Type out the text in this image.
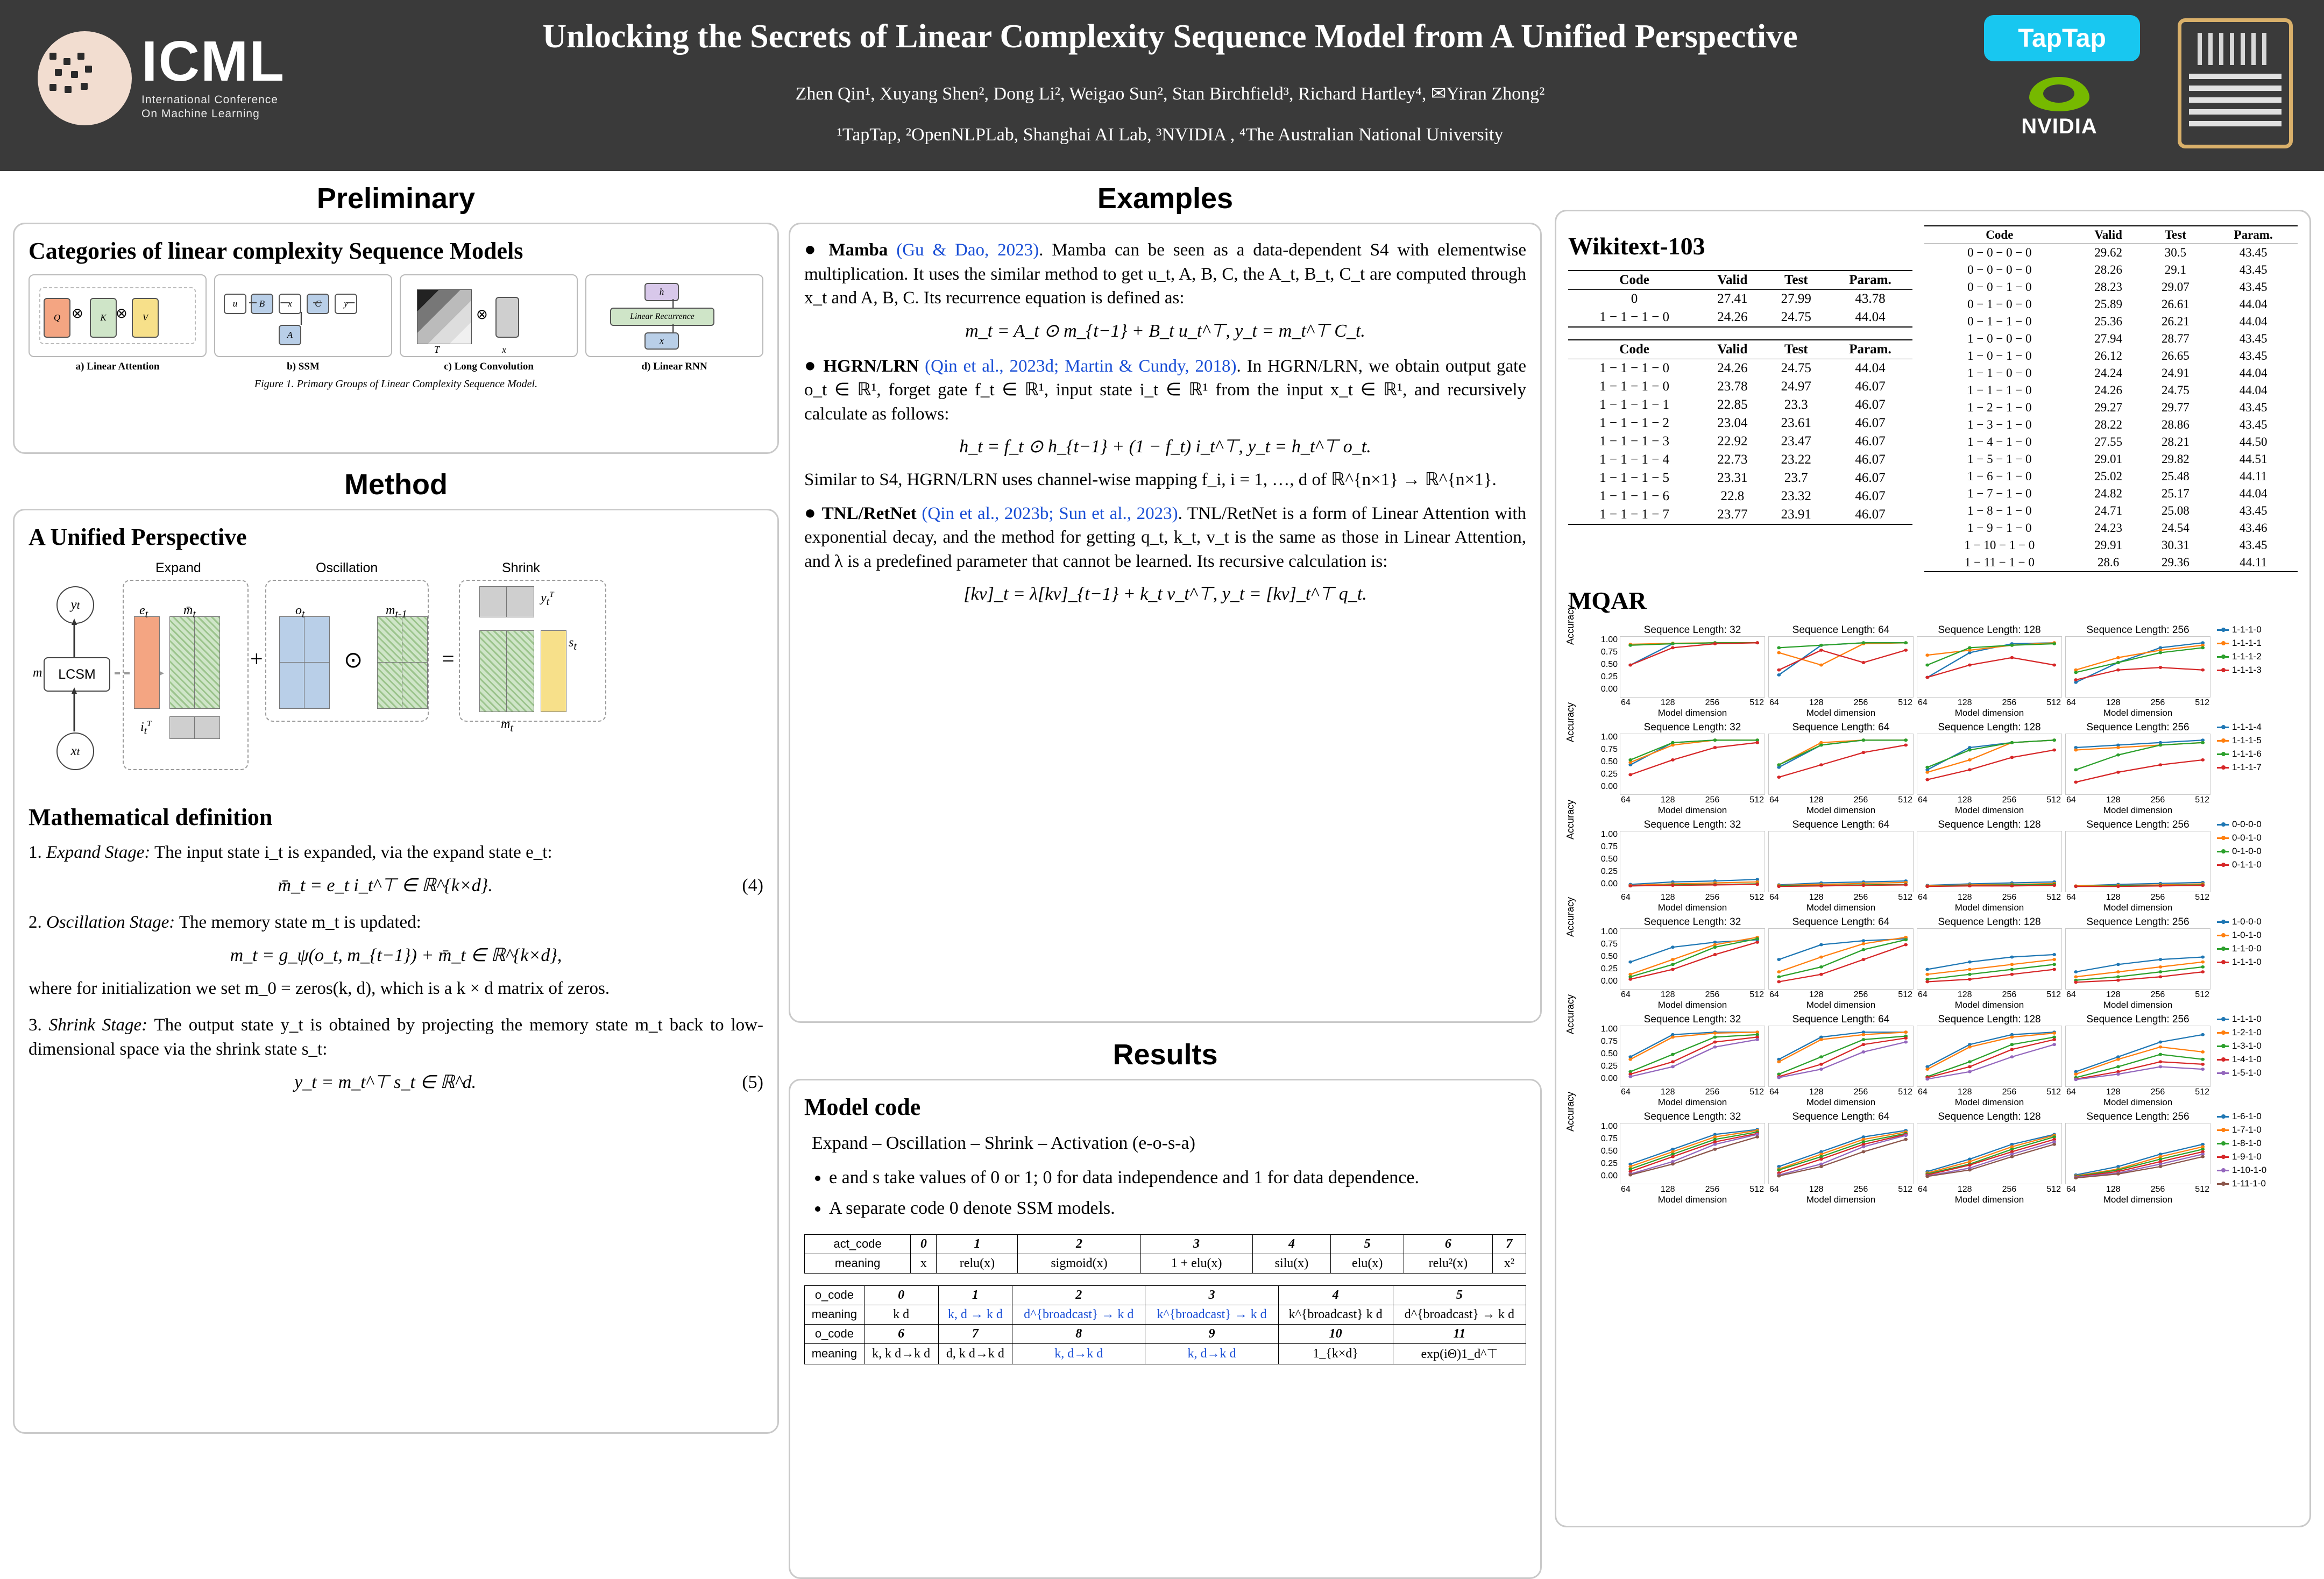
ICML
International Conference
On Machine Learning
Unlocking the Secrets of Linear Complexity Sequence Model from A Unified Perspective
Zhen Qin¹, Xuyang Shen², Dong Li², Weigao Sun², Stan Birchfield³, Richard Hartley⁴, ✉Yiran Zhong²
¹TapTap, ²OpenNLPLab, Shanghai AI Lab, ³NVIDIA , ⁴The Australian National University
TapTap
NVIDIA
Preliminary
Categories of linear complexity Sequence Models
Q	K	V
⊗ ⊗
a) Linear Attention
u	B	x	C	y
A
b) SSM
⊗
T	x
c) Long Convolution
h
Linear Recurrence
x
d) Linear RNN
Figure 1. Primary Groups of Linear Complexity Sequence Model.
Method
A Unified Perspective
Expand	Oscillation	Shrink
y t
LCSM
x t
m
$e_t$
$i_t^T$
$m̄_t$
+
$o_t$
⊙
$m_{t-1}$
=
$y_t^T$
$s_t$
$m_t$
Mathematical definition
1. Expand Stage: The input state i_t is expanded, via the expand state e_t:
m̄_t = e_t i_t^⊤ ∈ ℝ^{k×d}.	(4)
2. Oscillation Stage: The memory state m_t is updated:
m_t = g_ψ(o_t, m_{t−1}) + m̄_t ∈ ℝ^{k×d},
where for initialization we set m_0 = zeros(k, d), which is a k × d matrix of zeros.
3. Shrink Stage: The output state y_t is obtained by projecting the memory state m_t back to low-dimensional space via the shrink state s_t:
y_t = m_t^⊤ s_t ∈ ℝ^d.	(5)
Examples
● Mamba (Gu & Dao, 2023). Mamba can be seen as a data-dependent S4 with elementwise multiplication. It uses the similar method to get u_t, A, B, C, the A_t, B_t, C_t are computed through x_t and A, B, C. Its recurrence equation is defined as:
m_t = A_t ⊙ m_{t−1} + B_t u_t^⊤, y_t = m_t^⊤ C_t.
● HGRN/LRN (Qin et al., 2023d; Martin & Cundy, 2018). In HGRN/LRN, we obtain output gate o_t ∈ ℝ¹, forget gate f_t ∈ ℝ¹, input state i_t ∈ ℝ¹ from the input x_t ∈ ℝ¹, and recursively calculate as follows:
h_t = f_t ⊙ h_{t−1} + (1 − f_t) i_t^⊤, y_t = h_t^⊤ o_t.
Similar to S4, HGRN/LRN uses channel-wise mapping f_i, i = 1, …, d of ℝ^{n×1} → ℝ^{n×1}.
● TNL/RetNet (Qin et al., 2023b; Sun et al., 2023). TNL/RetNet is a form of Linear Attention with exponential decay, and the method for getting q_t, k_t, v_t is the same as those in Linear Attention, and λ is a predefined parameter that cannot be learned. Its recursive calculation is:
[kv]_t = λ[kv]_{t−1} + k_t v_t^⊤, y_t = [kv]_t^⊤ q_t.
Results
Model code
Expand – Oscillation – Shrink – Activation (e-o-s-a)
• e and s take values of 0 or 1; 0 for data independence and 1 for data dependence.
• A separate code 0 denote SSM models.
act_code	0	1	2	3	4	5	6	7
meaning	x	relu(x)	sigmoid(x)	1 + elu(x)	silu(x)	elu(x)	relu²(x)	x²
o_code	0	1	2	3	4	5
meaning	k d	k, d → k d	d^{broadcast} → k d	k^{broadcast} → k d	k^{broadcast} k d	d^{broadcast} → k d
o_code	6	7	8	9	10	11
meaning	k, k d→k d	d, k d→k d	k, d→k d	k, d→k d	1_{k×d}	exp(iΘ)1_d^⊤
Wikitext-103
Code	Valid	Test	Param.
0	27.41	27.99	43.78
1 − 1 − 1 − 0	24.26	24.75	44.04
Code	Valid	Test	Param.
1 − 1 − 1 − 0	24.26	24.75	44.04
1 − 1 − 1 − 0	23.78	24.97	46.07
1 − 1 − 1 − 1	22.85	23.3	46.07
1 − 1 − 1 − 2	23.04	23.61	46.07
1 − 1 − 1 − 3	22.92	23.47	46.07
1 − 1 − 1 − 4	22.73	23.22	46.07
1 − 1 − 1 − 5	23.31	23.7	46.07
1 − 1 − 1 − 6	22.8	23.32	46.07
1 − 1 − 1 − 7	23.77	23.91	46.07
Code	Valid	Test	Param.
0 − 0 − 0 − 0	29.62	30.5	43.45
0 − 0 − 0 − 0	28.26	29.1	43.45
0 − 0 − 1 − 0	28.23	29.07	43.45
0 − 1 − 0 − 0	25.89	26.61	44.04
0 − 1 − 1 − 0	25.36	26.21	44.04
1 − 0 − 0 − 0	27.94	28.77	43.45
1 − 0 − 1 − 0	26.12	26.65	43.45
1 − 1 − 0 − 0	24.24	24.91	44.04
1 − 1 − 1 − 0	24.26	24.75	44.04
1 − 2 − 1 − 0	29.27	29.77	43.45
1 − 3 − 1 − 0	28.22	28.86	43.45
1 − 4 − 1 − 0	27.55	28.21	44.50
1 − 5 − 1 − 0	29.01	29.82	44.51
1 − 6 − 1 − 0	25.02	25.48	44.11
1 − 7 − 1 − 0	24.82	25.17	44.04
1 − 8 − 1 − 0	24.71	25.08	43.45
1 − 9 − 1 − 0	24.23	24.54	43.46
1 − 10 − 1 − 0	29.91	30.31	43.45
1 − 11 − 1 − 0	28.6	29.36	44.11
MQAR
Accuracy	1.00
0.75
0.50
0.25
0.00
Sequence Length: 32
64	128	256	512
Model dimension
Sequence Length: 64
64	128	256	512
Model dimension
Sequence Length: 128
64	128	256	512
Model dimension
Sequence Length: 256
64	128	256	512
Model dimension
1-1-1-0
1-1-1-1
1-1-1-2
1-1-1-3
Accuracy	1.00
0.75
0.50
0.25
0.00
Sequence Length: 32
64	128	256	512
Model dimension
Sequence Length: 64
64	128	256	512
Model dimension
Sequence Length: 128
64	128	256	512
Model dimension
Sequence Length: 256
64	128	256	512
Model dimension
1-1-1-4
1-1-1-5
1-1-1-6
1-1-1-7
Accuracy	1.00
0.75
0.50
0.25
0.00
Sequence Length: 32
64	128	256	512
Model dimension
Sequence Length: 64
64	128	256	512
Model dimension
Sequence Length: 128
64	128	256	512
Model dimension
Sequence Length: 256
64	128	256	512
Model dimension
0-0-0-0
0-0-1-0
0-1-0-0
0-1-1-0
Accuracy	1.00
0.75
0.50
0.25
0.00
Sequence Length: 32
64	128	256	512
Model dimension
Sequence Length: 64
64	128	256	512
Model dimension
Sequence Length: 128
64	128	256	512
Model dimension
Sequence Length: 256
64	128	256	512
Model dimension
1-0-0-0
1-0-1-0
1-1-0-0
1-1-1-0
Accuracy	1.00
0.75
0.50
0.25
0.00
Sequence Length: 32
64	128	256	512
Model dimension
Sequence Length: 64
64	128	256	512
Model dimension
Sequence Length: 128
64	128	256	512
Model dimension
Sequence Length: 256
64	128	256	512
Model dimension
1-1-1-0
1-2-1-0
1-3-1-0
1-4-1-0
1-5-1-0
Accuracy	1.00
0.75
0.50
0.25
0.00
Sequence Length: 32
64	128	256	512
Model dimension
Sequence Length: 64
64	128	256	512
Model dimension
Sequence Length: 128
64	128	256	512
Model dimension
Sequence Length: 256
64	128	256	512
Model dimension
1-6-1-0
1-7-1-0
1-8-1-0
1-9-1-0
1-10-1-0
1-11-1-0
